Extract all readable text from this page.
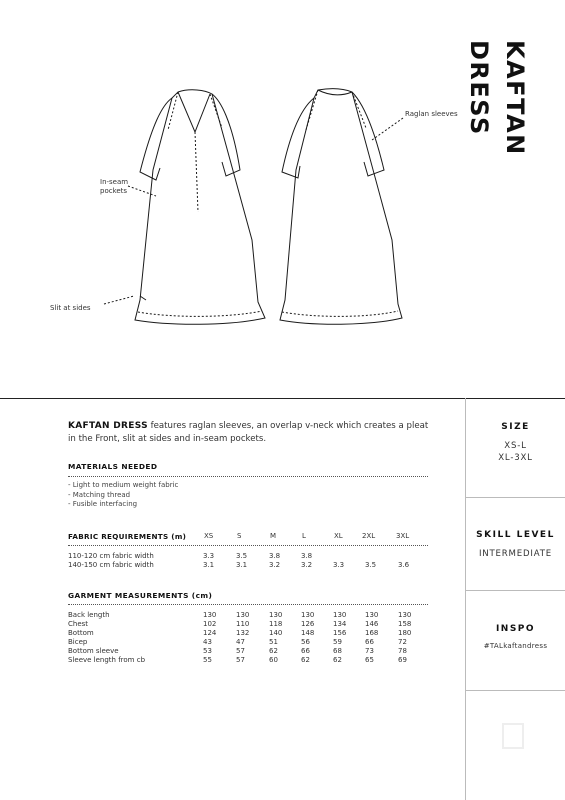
Raglan sleeves
In-seam
pockets
Slit at sides
KAFTAN DRESS
KAFTAN DRESS features raglan sleeves, an overlap v-neck which creates a pleat in the Front, slit at sides and in-seam pockets.
MATERIALS NEEDED
- Light to medium weight fabric
- Matching thread
- Fusible interfacing
FABRIC REQUIREMENTS (m)	XS	S	M	L	XL	2XL	3XL
110-120 cm fabric width	3.3	3.5	3.8	3.8			
140-150 cm fabric width	3.1	3.1	3.2	3.2	3.3	3.5	3.6
GARMENT MEASUREMENTS (cm)
Back length	130	130	130	130	130	130	130
Chest	102	110	118	126	134	146	158
Bottom	124	132	140	148	156	168	180
Bicep	43	47	51	56	59	66	72
Bottom sleeve	53	57	62	66	68	73	78
Sleeve length from cb	55	57	60	62	62	65	69
SIZE
XS-L
XL-3XL
SKILL LEVEL
INTERMEDIATE
INSPO
#TALkaftandress
